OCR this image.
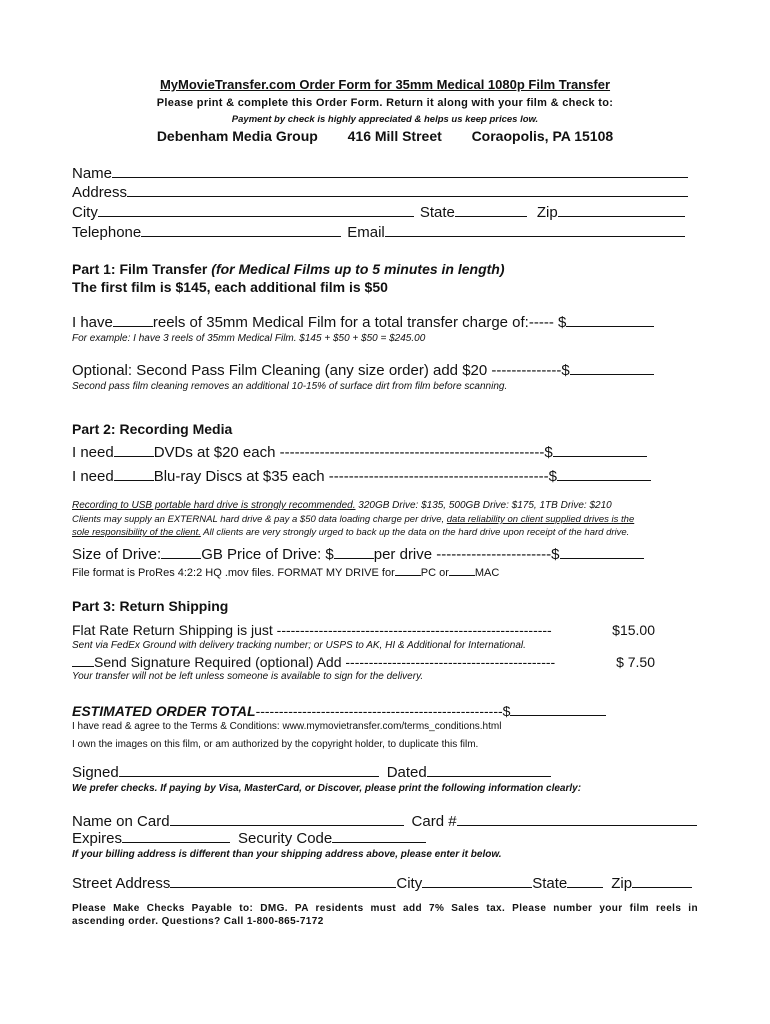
MyMovieTransfer.com Order Form for 35mm Medical 1080p Film Transfer
Please print & complete this Order Form. Return it along with your film & check to:
Payment by check is highly appreciated & helps us keep prices low.
Debenham Media Group 416 Mill Street Coraopolis, PA 15108
Name
Address
City	State	Zip
Telephone	Email
Part 1: Film Transfer (for Medical Films up to 5 minutes in length)
The first film is $145, each additional film is $50
I have	reels of 35mm Medical Film for a total transfer charge of:----- $
For example: I have 3 reels of 35mm Medical Film. $145 + $50 + $50 = $245.00
Optional: Second Pass Film Cleaning (any size order) add $20 --------------$
Second pass film cleaning removes an additional 10-15% of surface dirt from film before scanning.
Part 2: Recording Media
I need	DVDs at $20 each -----------------------------------------------------$
I need	Blu-ray Discs at $35 each --------------------------------------------$
Recording to USB portable hard drive is strongly recommended. 320GB Drive: $135, 500GB Drive: $175, 1TB Drive: $210
Clients may supply an EXTERNAL hard drive & pay a $50 data loading charge per drive, data reliability on client supplied drives is the
sole responsibility of the client. All clients are very strongly urged to back up the data on the hard drive upon receipt of the hard drive.
Size of Drive:	GB Price of Drive: $	per drive -----------------------$
File format is ProRes 4:2:2 HQ .mov files. FORMAT MY DRIVE for PC or MAC
Part 3: Return Shipping
Flat Rate Return Shipping is just -----------------------------------------------------------	$15.00
Sent via FedEx Ground with delivery tracking number; or USPS to AK, HI & Additional for International.
Send Signature Required (optional) Add ---------------------------------------------	$ 7.50
Your transfer will not be left unless someone is available to sign for the delivery.
ESTIMATED ORDER TOTAL -----------------------------------------------------$
I have read & agree to the Terms & Conditions: www.mymovietransfer.com/terms_conditions.html
I own the images on this film, or am authorized by the copyright holder, to duplicate this film.
Signed	Dated
We prefer checks. If paying by Visa, MasterCard, or Discover, please print the following information clearly:
Name on Card	Card #
Expires	Security Code
If your billing address is different than your shipping address above, please enter it below.
Street Address	City	State	Zip
Please Make Checks Payable to: DMG. PA residents must add 7% Sales tax. Please number your film reels in
ascending order. Questions? Call 1-800-865-7172
